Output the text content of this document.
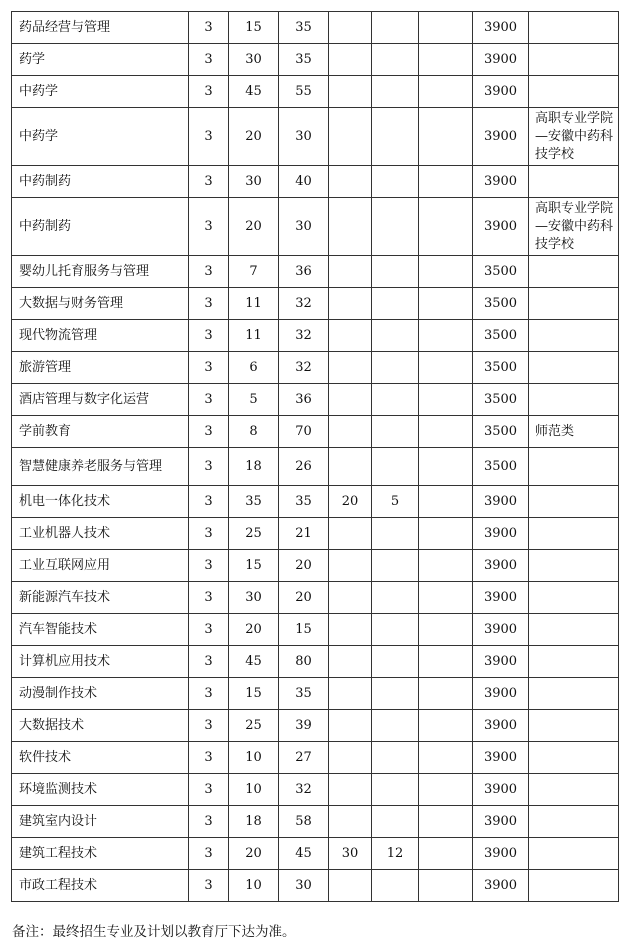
药品经营与管理	3	15	35				3900	
药学	3	30	35				3900	
中药学	3	45	55				3900	
中药学	3	20	30				3900	高职专业学院—安徽中药科技学校
中药制药	3	30	40				3900	
中药制药	3	20	30				3900	高职专业学院—安徽中药科技学校
婴幼儿托育服务与管理	3	7	36				3500	
大数据与财务管理	3	11	32				3500	
现代物流管理	3	11	32				3500	
旅游管理	3	6	32				3500	
酒店管理与数字化运营	3	5	36				3500	
学前教育	3	8	70				3500	师范类
智慧健康养老服务与管理	3	18	26				3500	
机电一体化技术	3	35	35	20	5		3900	
工业机器人技术	3	25	21				3900	
工业互联网应用	3	15	20				3900	
新能源汽车技术	3	30	20				3900	
汽车智能技术	3	20	15				3900	
计算机应用技术	3	45	80				3900	
动漫制作技术	3	15	35				3900	
大数据技术	3	25	39				3900	
软件技术	3	10	27				3900	
环境监测技术	3	10	32				3900	
建筑室内设计	3	18	58				3900	
建筑工程技术	3	20	45	30	12		3900	
市政工程技术	3	10	30				3900	
备注：最终招生专业及计划以教育厅下达为准。
